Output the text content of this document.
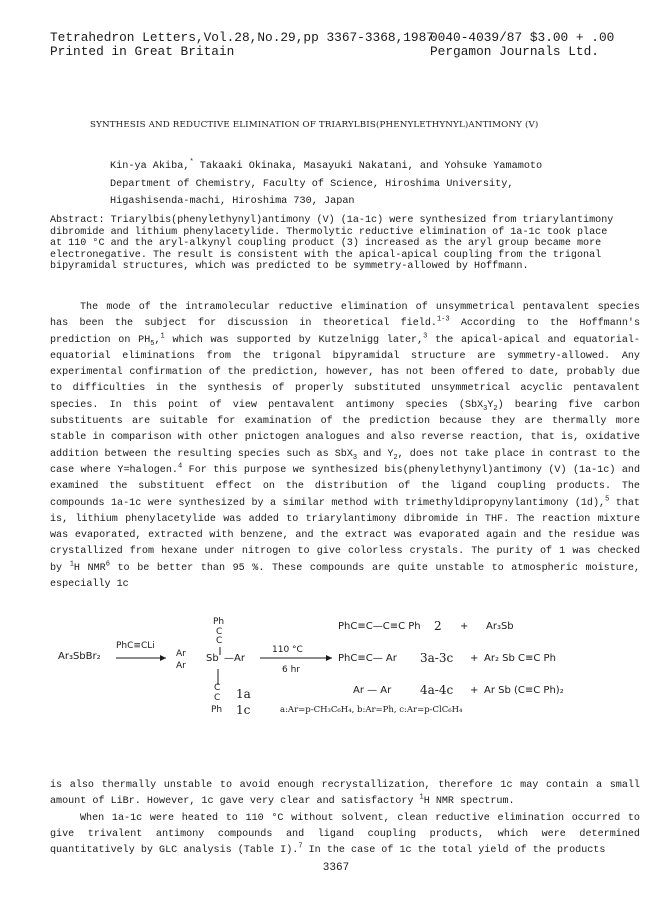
Tetrahedron Letters,Vol.28,No.29,pp 3367-3368,1987
Printed in Great Britain
0040-4039/87 $3.00 + .00
Pergamon Journals Ltd.
SYNTHESIS AND REDUCTIVE ELIMINATION OF TRIARYLBIS(PHENYLETHYNYL)ANTIMONY (V)
Kin-ya Akiba,* Takaaki Okinaka, Masayuki Nakatani, and Yohsuke Yamamoto
Department of Chemistry, Faculty of Science, Hiroshima University,
Higashisenda-machi, Hiroshima 730, Japan
Abstract: Triarylbis(phenylethynyl)antimony (V) (1a-1c) were synthesized from triarylantimony
dibromide and lithium phenylacetylide. Thermolytic reductive elimination of 1a-1c took place
at 110 °C and the aryl-alkynyl coupling product (3) increased as the aryl group became more
electronegative. The result is consistent with the apical-apical coupling from the trigonal
bipyramidal structures, which was predicted to be symmetry-allowed by Hoffmann.

The mode of the intramolecular reductive elimination of unsymmetrical pentavalent species has been the subject for discussion in theoretical field.$^{1-3}$ According to the Hoffmann's prediction on $PH_5,^1$ which was supported by Kutzelnigg later,$^3$ the apical-apical and equatorial-equatorial eliminations from the trigonal bipyramidal structure are symmetry-allowed. Any experimental confirmation of the prediction, however, has not been offered to date, probably due to difficulties in the synthesis of properly substituted unsymmetrical acyclic pentavalent species. In this point of view pentavalent antimony species $(SbX_3Y_2)$ bearing five carbon substituents are suitable for examination of the prediction because they are thermally more stable in comparison with other pnictogen analogues and also reverse reaction, that is, oxidative addition between the resulting species such as SbX$_3$ and $Y_2$, does not take place in contrast to the case where Y=halogen.$^4$ For this purpose we synthesized bis(phenylethynyl)antimony (V) (1a-1c) and examined the substituent effect on the distribution of the ligand coupling products. The compounds 1a-1c were synthesized by a similar method with trimethyldipropynylantimony (1d),$^5$ that is, lithium phenylacetylide was added to triarylantimony dibromide in THF. The reaction mixture was evaporated, extracted with benzene, and the extract was evaporated again and the residue was crystallized from hexane under nitrogen to give colorless crystals. The purity of 1 was checked by $^1$H NMR$^6$ to be better than 95 %. These compounds are quite unstable to atmospheric moisture, especially 1c

Ar₃SbBr₂
PhC≡CLi
Ph
C
C
Ar Sb —Ar
Ar
C
C
Ph
1a
1c
110 °C
6 hr
PhC≡C—C≡C Ph 2 + Ar₃Sb
PhC≡C— Ar 3a-3c + Ar₂ Sb C≡C Ph
Ar — Ar 4a-4c + Ar Sb (C≡C Ph)₂
a:Ar=p-CH₃C₆H₄, b:Ar=Ph, c:Ar=p-ClC₆H₄

is also thermally unstable to avoid enough recrystallization, therefore 1c may contain a small amount of LiBr. However, 1c gave very clear and satisfactory $^1$H NMR spectrum.

When 1a-1c were heated to 110 °C without solvent, clean reductive elimination occurred to give trivalent antimony compounds and ligand coupling products, which were determined quantitatively by GLC analysis (Table I).$^7$ In the case of 1c the total yield of the products

3367
